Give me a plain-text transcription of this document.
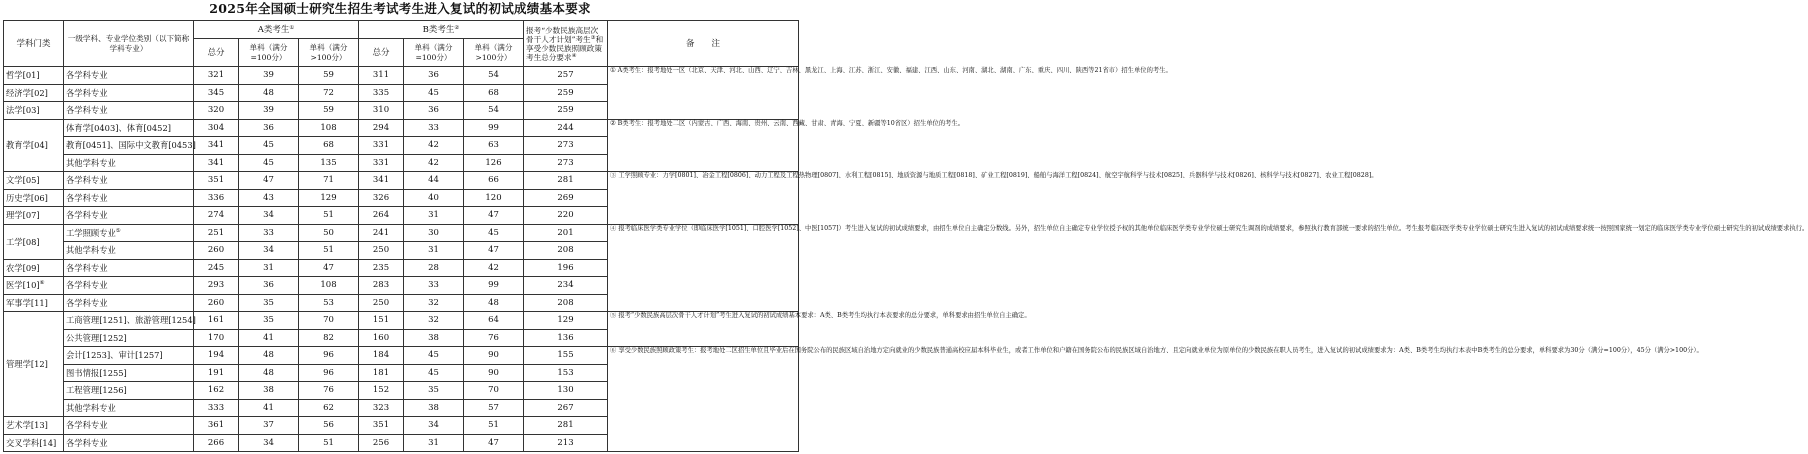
2025年全国硕士研究生招生考试考生进入复试的初试成绩基本要求
学科门类	一级学科、专业学位类别（以下简称学科专业）	A类考生①			B类考生②			报考“少数民族高层次骨干人才计划”考生③和享受少数民族照顾政策考生总分要求④	备　　注
		总分	单科（满分=100分）	单科（满分>100分）	总分	单科（满分=100分）	单科（满分>100分）		
哲学[01]	各学科专业	321	39	59	311	36	54	257	① A类考生：报考地处一区（北京、天津、河北、山西、辽宁、吉林、黑龙江、上海、江苏、浙江、安徽、福建、江西、山东、河南、湖北、湖南、广东、重庆、四川、陕西等21省市）招生单位的考生。

经济学[02]	各学科专业	345	48	72	335	45	68	259	
法学[03]	各学科专业	320	39	59	310	36	54	259	
教育学[04]	体育学[0403]、体育[0452]	304	36	108	294	33	99	244	② B类考生：报考地处二区（内蒙古、广西、海南、贵州、云南、西藏、甘肃、青海、宁夏、新疆等10省区）招生单位的考生。

	教育[0451]、国际中文教育[0453]	341	45	68	331	42	63	273	
	其他学科专业	341	45	135	331	42	126	273	
文学[05]	各学科专业	351	47	71	341	44	66	281	③ 工学照顾专业：力学[0801]、冶金工程[0806]、动力工程及工程热物理[0807]、水利工程[0815]、地质资源与地质工程[0818]、矿业工程[0819]、船舶与海洋工程[0824]、航空宇航科学与技术[0825]、兵器科学与技术[0826]、核科学与技术[0827]、农业工程[0828]。

历史学[06]	各学科专业	336	43	129	326	40	120	269	
理学[07]	各学科专业	274	34	51	264	31	47	220	
工学[08]	工学照顾专业⑤	251	33	50	241	30	45	201	④ 报考临床医学类专业学位（即临床医学[1051]、口腔医学[1052]、中医[1057]）考生进入复试的初试成绩要求，由招生单位自主确定分数线。另外，招生单位自主确定专业学位授予权的其他单位临床医学类专业学位硕士研究生调剂的成绩要求，参照执行教育部统一要求的招生单位。考生报考临床医学类专业学位硕士研究生进入复试的初试成绩要求统一按照国家统一划定的临床医学类专业学位硕士研究生的初试成绩要求执行。

	其他学科专业	260	34	51	250	31	47	208	
农学[09]	各学科专业	245	31	47	235	28	42	196	
医学[10]⑥	各学科专业	293	36	108	283	33	99	234	
军事学[11]	各学科专业	260	35	53	250	32	48	208	
管理学[12]	工商管理[1251]、旅游管理[1254]	161	35	70	151	32	64	129	⑤ 报考“少数民族高层次骨干人才计划”考生进入复试的初试成绩基本要求：A类、B类考生均执行本表要求的总分要求，单科要求由招生单位自主确定。

	公共管理[1252]	170	41	82	160	38	76	136	
	会计[1253]、审计[1257]	194	48	96	184	45	90	155	⑥ 享受少数民族照顾政策考生：报考地处二区招生单位且毕业后在国务院公布的民族区域自治地方定向就业的少数民族普通高校应届本科毕业生，或者工作单位和户籍在国务院公布的民族区域自治地方、且定向就业单位为原单位的少数民族在职人员考生，进入复试的初试成绩要求为：A类、B类考生均执行本表中B类考生的总分要求，单科要求为30分（满分=100分），45分（满分>100分）。

	图书情报[1255]	191	48	96	181	45	90	153	
	工程管理[1256]	162	38	76	152	35	70	130	
	其他学科专业	333	41	62	323	38	57	267	
艺术学[13]	各学科专业	361	37	56	351	34	51	281	
交叉学科[14]	各学科专业	266	34	51	256	31	47	213	
